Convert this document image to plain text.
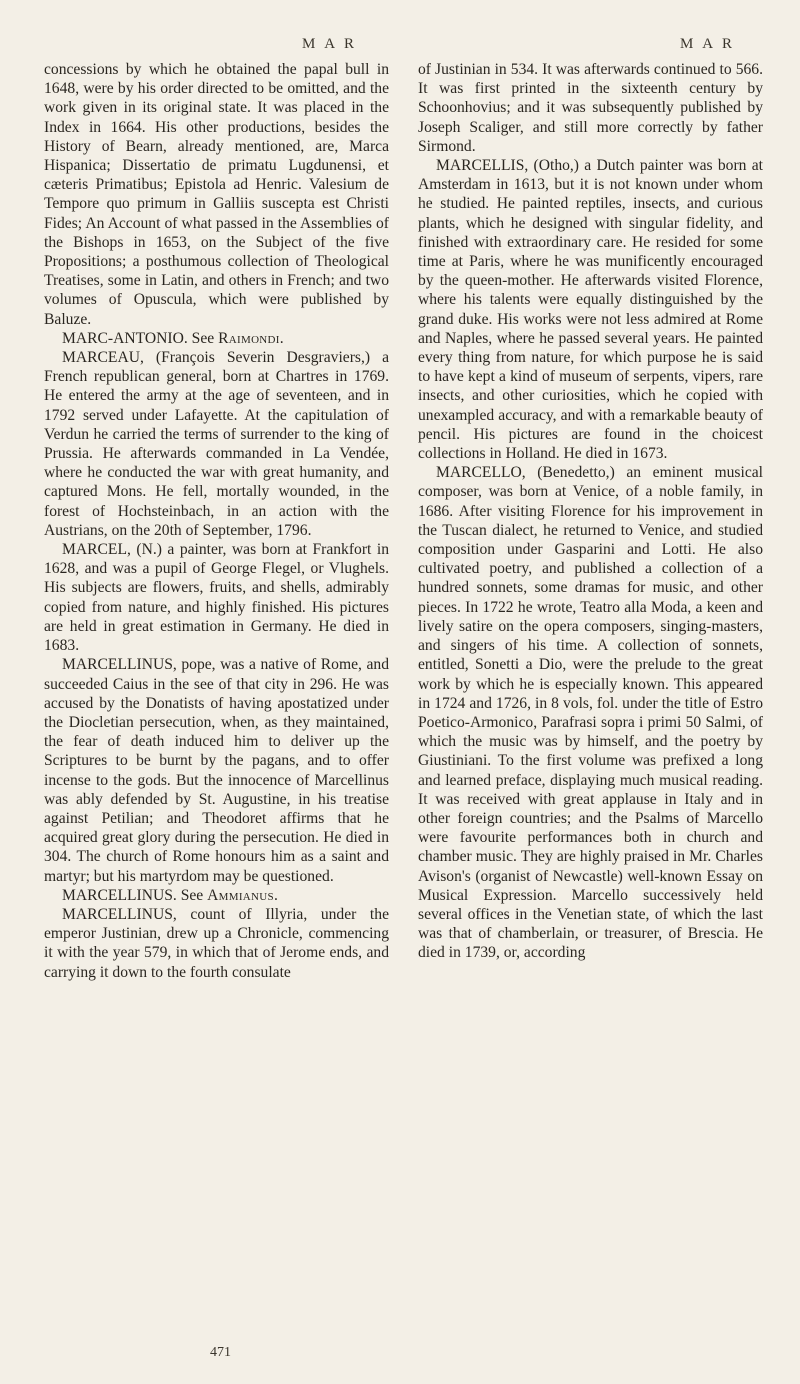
M A R	M A R

concessions by which he obtained the papal bull in 1648, were by his order directed to be omitted, and the work given in its original state. It was placed in the Index in 1664. His other productions, besides the History of Bearn, already mentioned, are, Marca Hispanica; Dissertatio de primatu Lugdunensi, et cæteris Primatibus; Epistola ad Henric. Valesium de Tempore quo primum in Galliis suscepta est Christi Fides; An Account of what passed in the Assemblies of the Bishops in 1653, on the Subject of the five Propositions; a posthumous collection of Theological Treatises, some in Latin, and others in French; and two volumes of Opuscula, which were published by Baluze.

MARC-ANTONIO. See Raimondi.

MARCEAU, (François Severin Desgraviers,) a French republican general, born at Chartres in 1769. He entered the army at the age of seventeen, and in 1792 served under Lafayette. At the capitulation of Verdun he carried the terms of surrender to the king of Prussia. He afterwards commanded in La Vendée, where he conducted the war with great humanity, and captured Mons. He fell, mortally wounded, in the forest of Hochsteinbach, in an action with the Austrians, on the 20th of September, 1796.

MARCEL, (N.) a painter, was born at Frankfort in 1628, and was a pupil of George Flegel, or Vlughels. His subjects are flowers, fruits, and shells, admirably copied from nature, and highly finished. His pictures are held in great estimation in Germany. He died in 1683.

MARCELLINUS, pope, was a native of Rome, and succeeded Caius in the see of that city in 296. He was accused by the Donatists of having apostatized under the Diocletian persecution, when, as they maintained, the fear of death induced him to deliver up the Scriptures to be burnt by the pagans, and to offer incense to the gods. But the innocence of Marcellinus was ably defended by St. Augustine, in his treatise against Petilian; and Theodoret affirms that he acquired great glory during the persecution. He died in 304. The church of Rome honours him as a saint and martyr; but his martyrdom may be questioned.

MARCELLINUS. See Ammianus.

MARCELLINUS, count of Illyria, under the emperor Justinian, drew up a Chronicle, commencing it with the year 579, in which that of Jerome ends, and carrying it down to the fourth consulate

of Justinian in 534. It was afterwards continued to 566. It was first printed in the sixteenth century by Schoonhovius; and it was subsequently published by Joseph Scaliger, and still more correctly by father Sirmond.

MARCELLIS, (Otho,) a Dutch painter was born at Amsterdam in 1613, but it is not known under whom he studied. He painted reptiles, insects, and curious plants, which he designed with singular fidelity, and finished with extraordinary care. He resided for some time at Paris, where he was munificently encouraged by the queen-mother. He afterwards visited Florence, where his talents were equally distinguished by the grand duke. His works were not less admired at Rome and Naples, where he passed several years. He painted every thing from nature, for which purpose he is said to have kept a kind of museum of serpents, vipers, rare insects, and other curiosities, which he copied with unexampled accuracy, and with a remarkable beauty of pencil. His pictures are found in the choicest collections in Holland. He died in 1673.

MARCELLO, (Benedetto,) an eminent musical composer, was born at Venice, of a noble family, in 1686. After visiting Florence for his improvement in the Tuscan dialect, he returned to Venice, and studied composition under Gasparini and Lotti. He also cultivated poetry, and published a collection of a hundred sonnets, some dramas for music, and other pieces. In 1722 he wrote, Teatro alla Moda, a keen and lively satire on the opera composers, singing-masters, and singers of his time. A collection of sonnets, entitled, Sonetti a Dio, were the prelude to the great work by which he is especially known. This appeared in 1724 and 1726, in 8 vols, fol. under the title of Estro Poetico-Armonico, Parafrasi sopra i primi 50 Salmi, of which the music was by himself, and the poetry by Giustiniani. To the first volume was prefixed a long and learned preface, displaying much musical reading. It was received with great applause in Italy and in other foreign countries; and the Psalms of Marcello were favourite performances both in church and chamber music. They are highly praised in Mr. Charles Avison's (organist of Newcastle) well-known Essay on Musical Expression. Marcello successively held several offices in the Venetian state, of which the last was that of chamberlain, or treasurer, of Brescia. He died in 1739, or, according

471
